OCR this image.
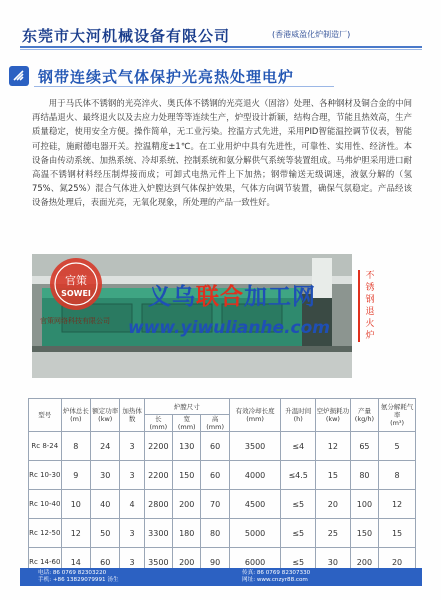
东莞市大河机械设备有限公司	(香港威盈化炉制造厂)
钢带连续式气体保护光亮热处理电炉
用于马氏体不锈钢的光亮淬火、奥氏体不锈钢的光亮退火（固溶）处理、各种钢材及铜合金的中间再结晶退火、最终退火以及去应力处理等等连续生产，炉型设计新颖，结构合理，节能且热效高，生产质量稳定，使用安全方便。操作简单，无工业污染。控温方式先进，采用PID智能温控调节仪表，智能可控硅，施耐德电器开关。控温精度±1℃。在工业用炉中具有先进性，可靠性、实用性、经济性。本设备由传动系统、加热系统、冷却系统、控制系统和氨分解供气系统等装置组成。马弗炉胆采用进口耐高温不锈钢材料经压制焊接而成；可卸式电热元件上下加热；钢带输送无级调速，液氨分解的（氢75%、氮25%）混合气体进入炉膛达到气体保护效果，气体方向调节装置，确保气氛稳定。产品经该设备热处理后，表面光亮，无氧化现象，所处理的产品一致性好。
官策
SOWEI
官策网络科技有限公司
义乌联合加工网
www.yiwulianhe.com
不锈钢退火炉
型号	炉体总长
(m)	额定功率
(kw)	加热体数	炉膛尺寸			有效冷却长度
(mm)	升温时间
(h)	空炉损耗功
(kw)	产量
(kg/h)	氨分解耗气率
(m³)
				长
(mm)	宽
(mm)	高
(mm)					
Rc 8-24	8	24	3	2200	130	60	3500	≤4	12	65	5
Rc 10-30	9	30	3	2200	150	60	4000	≤4.5	15	80	8
Rc 10-40	10	40	4	2800	200	70	4500	≤5	20	100	12
Rc 12-50	12	50	3	3300	180	80	5000	≤5	25	150	15
Rc 14-60	14	60	3	3500	200	90	6000	≤5	30	200	20
电话: 86 0769 82303220
手机: +86 13829079991 汤生
传真: 86 0769 82307330
网址: www.cnzyr88.com
